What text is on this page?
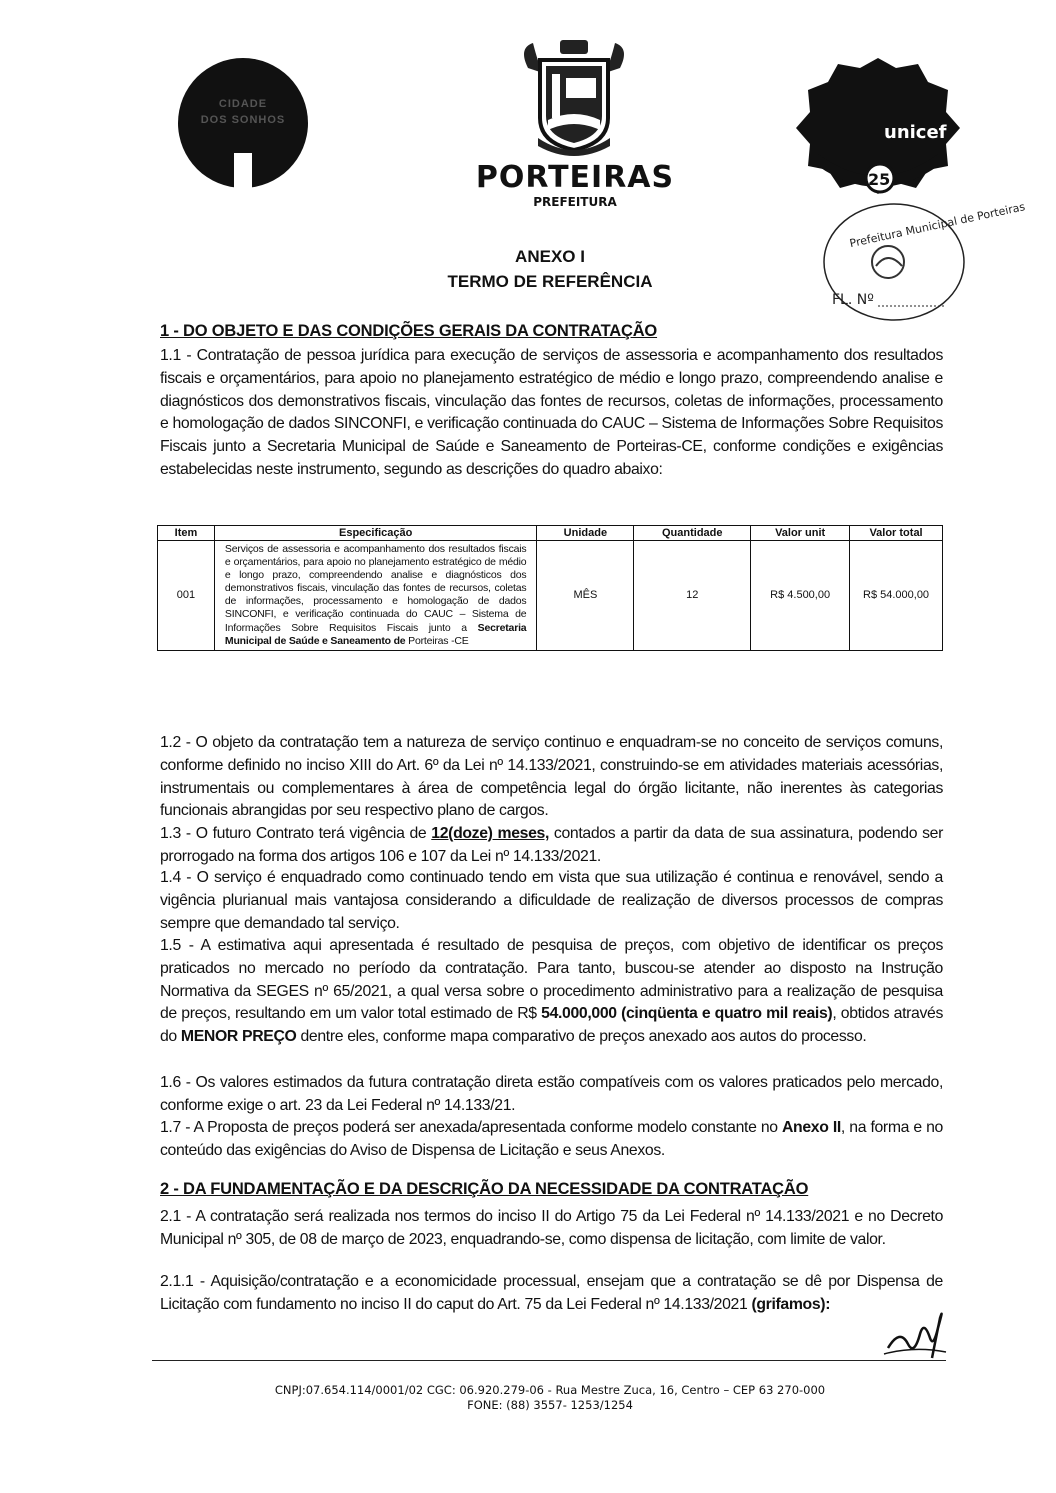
CIDADE
DOS SONHOS
PORTEIRAS
PREFEITURA
unicef
25
Prefeitura Municipal de Porteiras
FL. Nº
ANEXO I
TERMO DE REFERÊNCIA
1 - DO OBJETO E DAS CONDIÇÕES GERAIS DA CONTRATAÇÃO
1.1 - Contratação de pessoa jurídica para execução de serviços de assessoria e acompanhamento dos resultados fiscais e orçamentários, para apoio no planejamento estratégico de médio e longo prazo, compreendendo analise e diagnósticos dos demonstrativos fiscais, vinculação das fontes de recursos, coletas de informações, processamento e homologação de dados SINCONFI, e verificação continuada do CAUC – Sistema de Informações Sobre Requisitos Fiscais junto a Secretaria Municipal de Saúde e Saneamento de Porteiras-CE, conforme condições e exigências estabelecidas neste instrumento, segundo as descrições do quadro abaixo:
Item	Especificação	Unidade	Quantidade	Valor unit	Valor total
001	Serviços de assessoria e acompanhamento dos resultados fiscais e orçamentários, para apoio no planejamento estratégico de médio e longo prazo, compreendendo analise e diagnósticos dos demonstrativos fiscais, vinculação das fontes de recursos, coletas de informações, processamento e homologação de dados SINCONFI, e verificação continuada do CAUC – Sistema de Informações Sobre Requisitos Fiscais junto a Secretaria Municipal de Saúde e Saneamento de Porteiras -CE	MÊS	12	R$ 4.500,00	R$ 54.000,00
1.2 - O objeto da contratação tem a natureza de serviço continuo e enquadram-se no conceito de serviços comuns, conforme definido no inciso XIII do Art. 6º da Lei nº 14.133/2021, construindo-se em atividades materiais acessórias, instrumentais ou complementares à área de competência legal do órgão licitante, não inerentes às categorias funcionais abrangidas por seu respectivo plano de cargos.
1.3 - O futuro Contrato terá vigência de 12(doze) meses, contados a partir da data de sua assinatura, podendo ser prorrogado na forma dos artigos 106 e 107 da Lei nº 14.133/2021.
1.4 - O serviço é enquadrado como continuado tendo em vista que sua utilização é continua e renovável, sendo a vigência plurianual mais vantajosa considerando a dificuldade de realização de diversos processos de compras sempre que demandado tal serviço.
1.5 - A estimativa aqui apresentada é resultado de pesquisa de preços, com objetivo de identificar os preços praticados no mercado no período da contratação. Para tanto, buscou-se atender ao disposto na Instrução Normativa da SEGES nº 65/2021, a qual versa sobre o procedimento administrativo para a realização de pesquisa de preços, resultando em um valor total estimado de R$ 54.000,000 (cinqüenta e quatro mil reais), obtidos através do MENOR PREÇO dentre eles, conforme mapa comparativo de preços anexado aos autos do processo.
1.6 - Os valores estimados da futura contratação direta estão compatíveis com os valores praticados pelo mercado, conforme exige o art. 23 da Lei Federal nº 14.133/21.
1.7 - A Proposta de preços poderá ser anexada/apresentada conforme modelo constante no Anexo II, na forma e no conteúdo das exigências do Aviso de Dispensa de Licitação e seus Anexos.
2 - DA FUNDAMENTAÇÃO E DA DESCRIÇÃO DA NECESSIDADE DA CONTRATAÇÃO
2.1 - A contratação será realizada nos termos do inciso II do Artigo 75 da Lei Federal nº 14.133/2021 e no Decreto Municipal nº 305, de 08 de março de 2023, enquadrando-se, como dispensa de licitação, com limite de valor.
2.1.1 - Aquisição/contratação e a economicidade processual, ensejam que a contratação se dê por Dispensa de Licitação com fundamento no inciso II do caput do Art. 75 da Lei Federal nº 14.133/2021 (grifamos):
CNPJ:07.654.114/0001/02 CGC: 06.920.279-06 - Rua Mestre Zuca, 16, Centro – CEP 63 270-000
FONE: (88) 3557- 1253/1254
